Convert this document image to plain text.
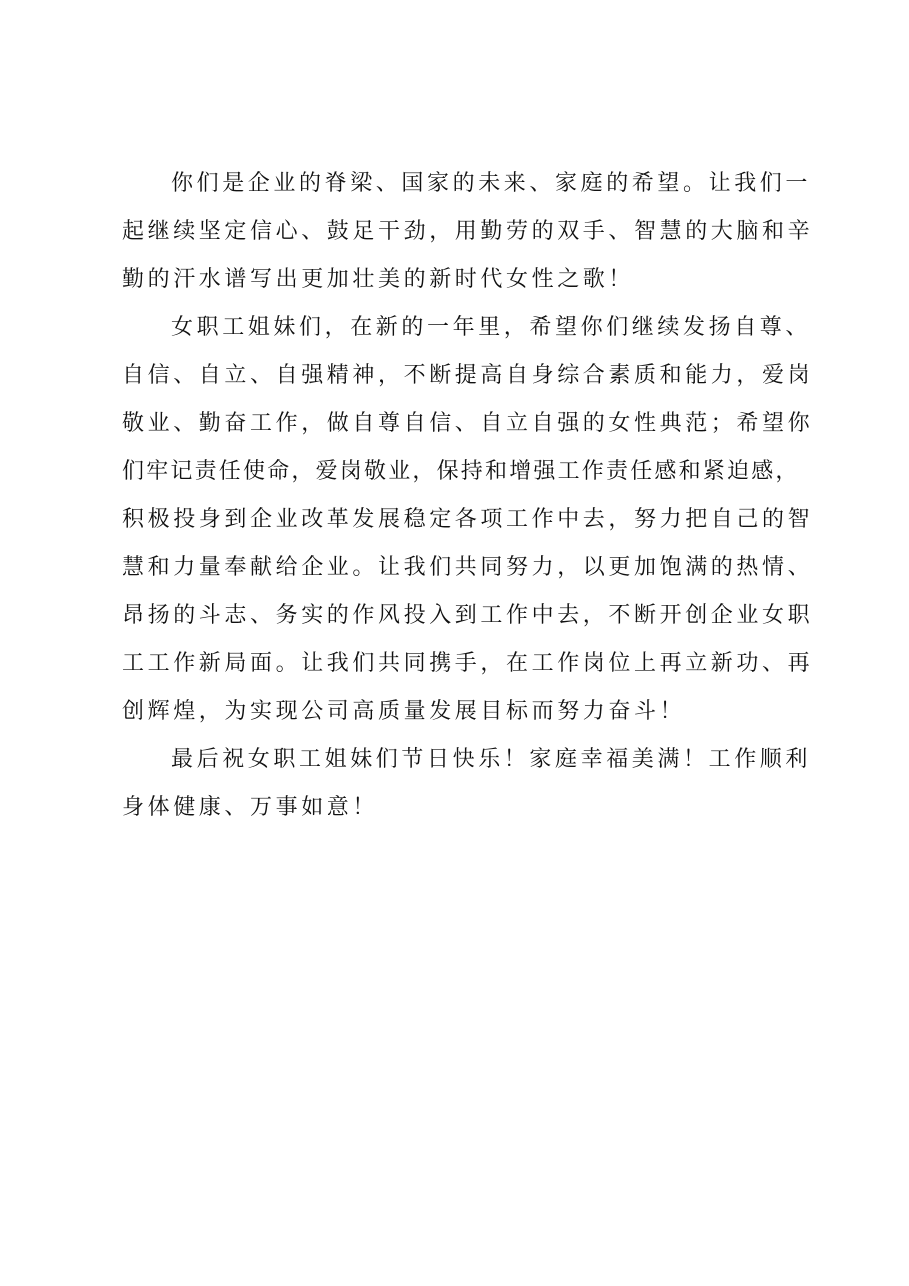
你们是企业的脊梁、国家的未来、家庭的希望。让我们一
起继续坚定信心、鼓足干劲，用勤劳的双手、智慧的大脑和辛
勤的汗水谱写出更加壮美的新时代女性之歌！
女职工姐妹们，在新的一年里，希望你们继续发扬自尊、
自信、自立、自强精神，不断提高自身综合素质和能力，爱岗
敬业、勤奋工作，做自尊自信、自立自强的女性典范；希望你
们牢记责任使命，爱岗敬业，保持和增强工作责任感和紧迫感，
积极投身到企业改革发展稳定各项工作中去，努力把自己的智
慧和力量奉献给企业。让我们共同努力，以更加饱满的热情、
昂扬的斗志、务实的作风投入到工作中去，不断开创企业女职
工工作新局面。让我们共同携手，在工作岗位上再立新功、再
创辉煌，为实现公司高质量发展目标而努力奋斗！
最后祝女职工姐妹们节日快乐！家庭幸福美满！工作顺利
身体健康、万事如意！
